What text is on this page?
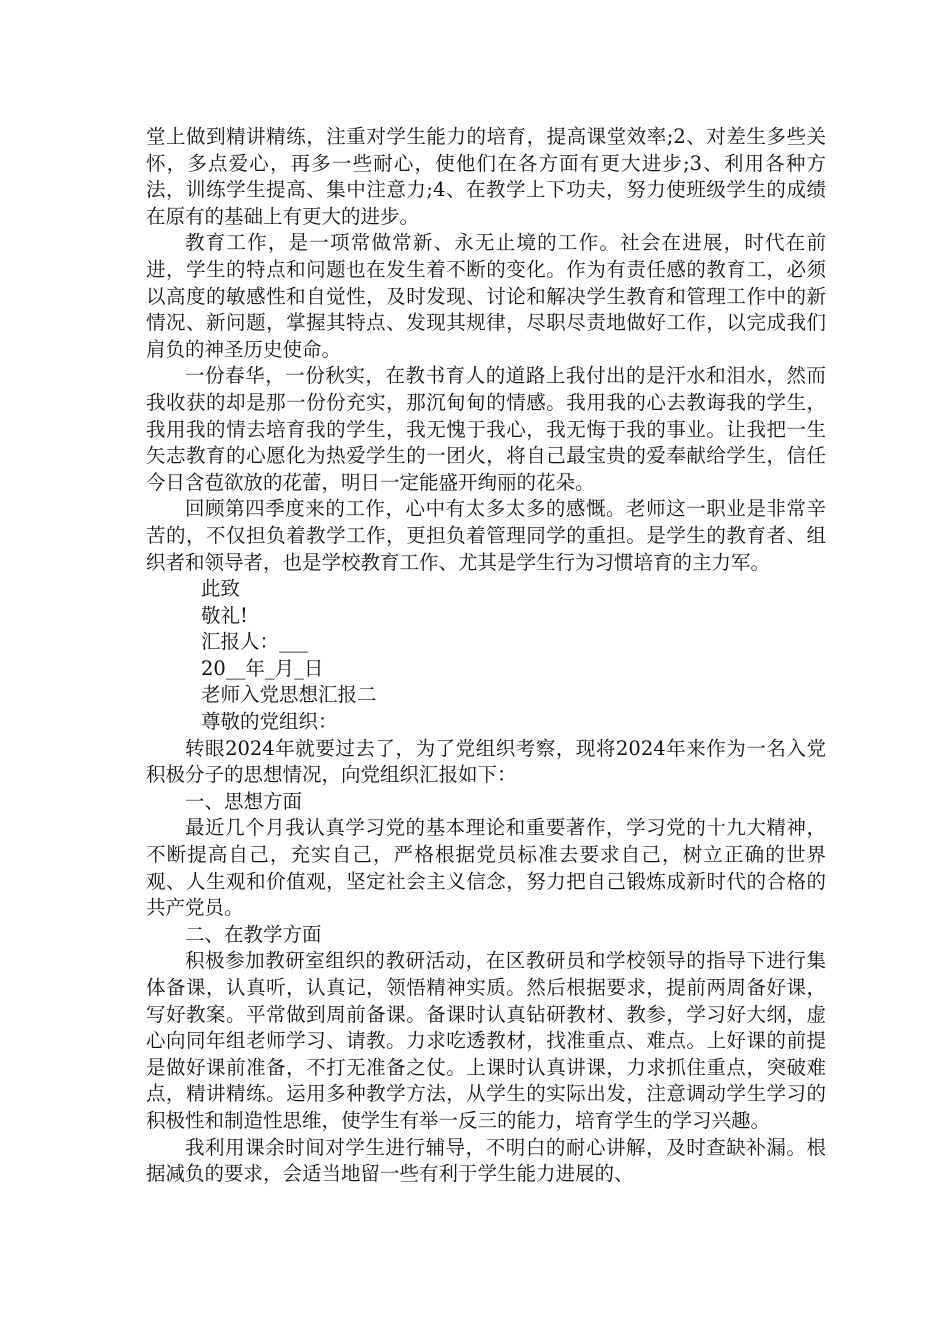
堂上做到精讲精练，注重对学生能力的培育，提高课堂效率;2、对差生多些关怀，多点爱心，再多一些耐心，使他们在各方面有更大进步;3、利用各种方法，训练学生提高、集中注意力;4、在教学上下功夫，努力使班级学生的成绩在原有的基础上有更大的进步。

教育工作，是一项常做常新、永无止境的工作。社会在进展，时代在前进，学生的特点和问题也在发生着不断的变化。作为有责任感的教育工，必须以高度的敏感性和自觉性，及时发现、讨论和解决学生教育和管理工作中的新情况、新问题，掌握其特点、发现其规律，尽职尽责地做好工作，以完成我们肩负的神圣历史使命。

一份春华，一份秋实，在教书育人的道路上我付出的是汗水和泪水，然而我收获的却是那一份份充实，那沉甸甸的情感。我用我的心去教诲我的学生，我用我的情去培育我的学生，我无愧于我心，我无悔于我的事业。让我把一生矢志教育的心愿化为热爱学生的一团火，将自己最宝贵的爱奉献给学生，信任今日含苞欲放的花蕾，明日一定能盛开绚丽的花朵。

回顾第四季度来的工作，心中有太多太多的感慨。老师这一职业是非常辛苦的，不仅担负着教学工作，更担负着管理同学的重担。是学生的教育者、组织者和领导者，也是学校教育工作、尤其是学生行为习惯培育的主力军。

此致

敬礼!

汇报人：___

20__年_月_日

老师入党思想汇报二

尊敬的党组织：

转眼2024年就要过去了，为了党组织考察，现将2024年来作为一名入党积极分子的思想情况，向党组织汇报如下：

一、思想方面

最近几个月我认真学习党的基本理论和重要著作，学习党的十九大精神，不断提高自己，充实自己，严格根据党员标准去要求自己，树立正确的世界观、人生观和价值观，坚定社会主义信念，努力把自己锻炼成新时代的合格的共产党员。

二、在教学方面

积极参加教研室组织的教研活动，在区教研员和学校领导的指导下进行集体备课，认真听，认真记，领悟精神实质。然后根据要求，提前两周备好课，写好教案。平常做到周前备课。备课时认真钻研教材、教参，学习好大纲，虚心向同年组老师学习、请教。力求吃透教材，找准重点、难点。上好课的前提是做好课前准备，不打无准备之仗。上课时认真讲课，力求抓住重点，突破难点，精讲精练。运用多种教学方法，从学生的实际出发，注意调动学生学习的积极性和制造性思维，使学生有举一反三的能力，培育学生的学习兴趣。

我利用课余时间对学生进行辅导，不明白的耐心讲解，及时查缺补漏。根据减负的要求，会适当地留一些有利于学生能力进展的、
